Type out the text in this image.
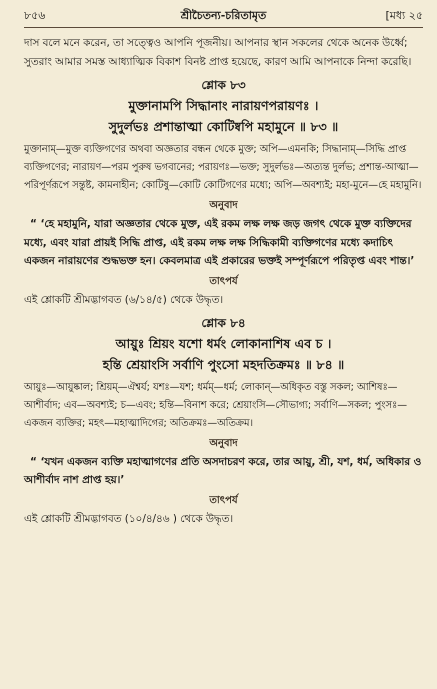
৮৫৬	শ্রীচৈতন্য-চরিতামৃত	[মধ্য ২৫

দাস বলে মনে করেন, তা সত্ত্বেও আপনি পূজনীয়। আপনার স্থান সকলের থেকে অনেক উর্ধ্বে; সুতরাং আমার সমস্ত আধ্যাত্মিক বিকাশ বিনষ্ট প্রাপ্ত হয়েছে, কারণ আমি আপনাকে নিন্দা করেছি।

শ্লোক ৮৩
মুক্তানামপি সিদ্ধানাং নারায়ণপরায়ণঃ ।
সুদুর্লভঃ প্রশান্তাত্মা কোটিষ্বপি মহামুনে ॥ ৮৩ ॥

মুক্তানাম্—মুক্ত ব্যক্তিগণের অথবা অজ্ঞতার বন্ধন থেকে মুক্ত; অপি—এমনকি; সিদ্ধানাম্—সিদ্ধি প্রাপ্ত ব্যক্তিগণের; নারায়ণ—পরম পুরুষ ভগবানের; পরায়ণঃ—ভক্ত; সুদুর্লভঃ—অত্যন্ত দুর্লভ; প্রশান্ত-আত্মা—পরিপূর্ণরূপে সন্তুষ্ট, কামনাহীন; কোটিষু—কোটি কোটিগণের মধ্যে; অপি—অবশ্যই; মহা-মুনে—হে মহামুনি।

অনুবাদ

“ ‘হে মহামুনি, যারা অজ্ঞতার থেকে মুক্ত, এই রকম লক্ষ লক্ষ জড় জগৎ থেকে মুক্ত ব্যক্তিদের মধ্যে, এবং যারা প্রায়ই সিদ্ধি প্রাপ্ত, এই রকম লক্ষ লক্ষ সিদ্ধিকামী ব্যক্তিগণের মধ্যে কদাচিৎ একজন নারায়ণের শুদ্ধভক্ত হন। কেবলমাত্র এই প্রকারের ভক্তই সম্পূর্ণরূপে পরিতৃপ্ত এবং শান্ত।’

তাৎপর্য

এই শ্লোকটি শ্রীমদ্ভাগবত (৬/১৪/৫) থেকে উদ্ধৃত।

শ্লোক ৮৪
আয়ুঃ শ্রিয়ং যশো ধর্মং লোকানাশিষ এব চ ।
হন্তি শ্রেয়াংসি সর্বাণি পুংসো মহদতিক্রমঃ ॥ ৮৪ ॥

আয়ুঃ—আয়ুষ্কাল; শ্রিয়ম্—ঐশ্বর্য; যশঃ—যশ; ধর্মম্—ধর্ম; লোকান্—অধিকৃত বস্তু সকল; আশিষঃ—আশীর্বাদ; এব—অবশ্যই; চ—এবং; হন্তি—বিনাশ করে; শ্রেয়াংসি—সৌভাগ্য; সর্বাণি—সকল; পুংসঃ—একজন ব্যক্তির; মহৎ—মহাত্মাদিগের; অতিক্রমঃ—অতিক্রম।

অনুবাদ

“ ‘যখন একজন ব্যক্তি মহাত্মাগণের প্রতি অসদাচরণ করে, তার আয়ু, শ্রী, যশ, ধর্ম, অধিকার ও আশীর্বাদ নাশ প্রাপ্ত হয়।’

তাৎপর্য

এই শ্লোকটি শ্রীমদ্ভাগবত (১০/৪/৪৬ ) থেকে উদ্ধৃত।
